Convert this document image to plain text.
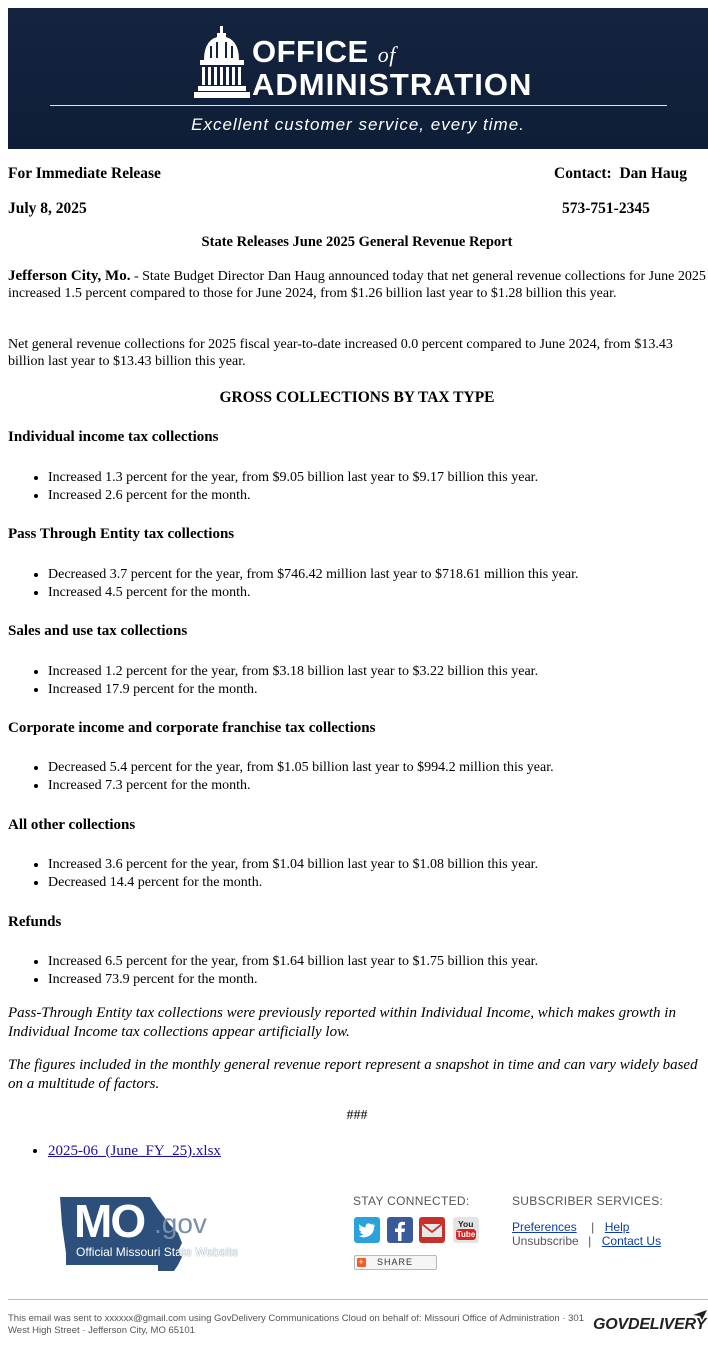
OFFICE of
ADMINISTRATION
Excellent customer service, every time.
For Immediate Release	Contact: Dan Haug
July 8, 2025	573-751-2345
State Releases June 2025 General Revenue Report
Jefferson City, Mo. - State Budget Director Dan Haug announced today that net general revenue collections for June 2025 increased 1.5 percent compared to those for June 2024, from $1.26 billion last year to $1.28 billion this year.
Net general revenue collections for 2025 fiscal year-to-date increased 0.0 percent compared to June 2024, from $13.43 billion last year to $13.43 billion this year.
GROSS COLLECTIONS BY TAX TYPE
Individual income tax collections
• Increased 1.3 percent for the year, from $9.05 billion last year to $9.17 billion this year.
• Increased 2.6 percent for the month.
Pass Through Entity tax collections
• Decreased 3.7 percent for the year, from $746.42 million last year to $718.61 million this year.
• Increased 4.5 percent for the month.
Sales and use tax collections
• Increased 1.2 percent for the year, from $3.18 billion last year to $3.22 billion this year.
• Increased 17.9 percent for the month.
Corporate income and corporate franchise tax collections
• Decreased 5.4 percent for the year, from $1.05 billion last year to $994.2 million this year.
• Increased 7.3 percent for the month.
All other collections
• Increased 3.6 percent for the year, from $1.04 billion last year to $1.08 billion this year.
• Decreased 14.4 percent for the month.
Refunds
• Increased 6.5 percent for the year, from $1.64 billion last year to $1.75 billion this year.
• Increased 73.9 percent for the month.
Pass-Through Entity tax collections were previously reported within Individual Income, which makes growth in Individual Income tax collections appear artificially low.
The figures included in the monthly general revenue report represent a snapshot in time and can vary widely based on a multitude of factors.
###
• 2025-06_(June_FY_25).xlsx
MO .gov
Official Missouri State Website
STAY CONNECTED:
You
Tube
+ SHARE
SUBSCRIBER SERVICES:
Preferences | Help
Unsubscribe | Contact Us
This email was sent to xxxxxx@gmail.com using GovDelivery Communications Cloud on behalf of: Missouri Office of Administration · 301 West High Street · Jefferson City, MO 65101	GOVDELIVERY
